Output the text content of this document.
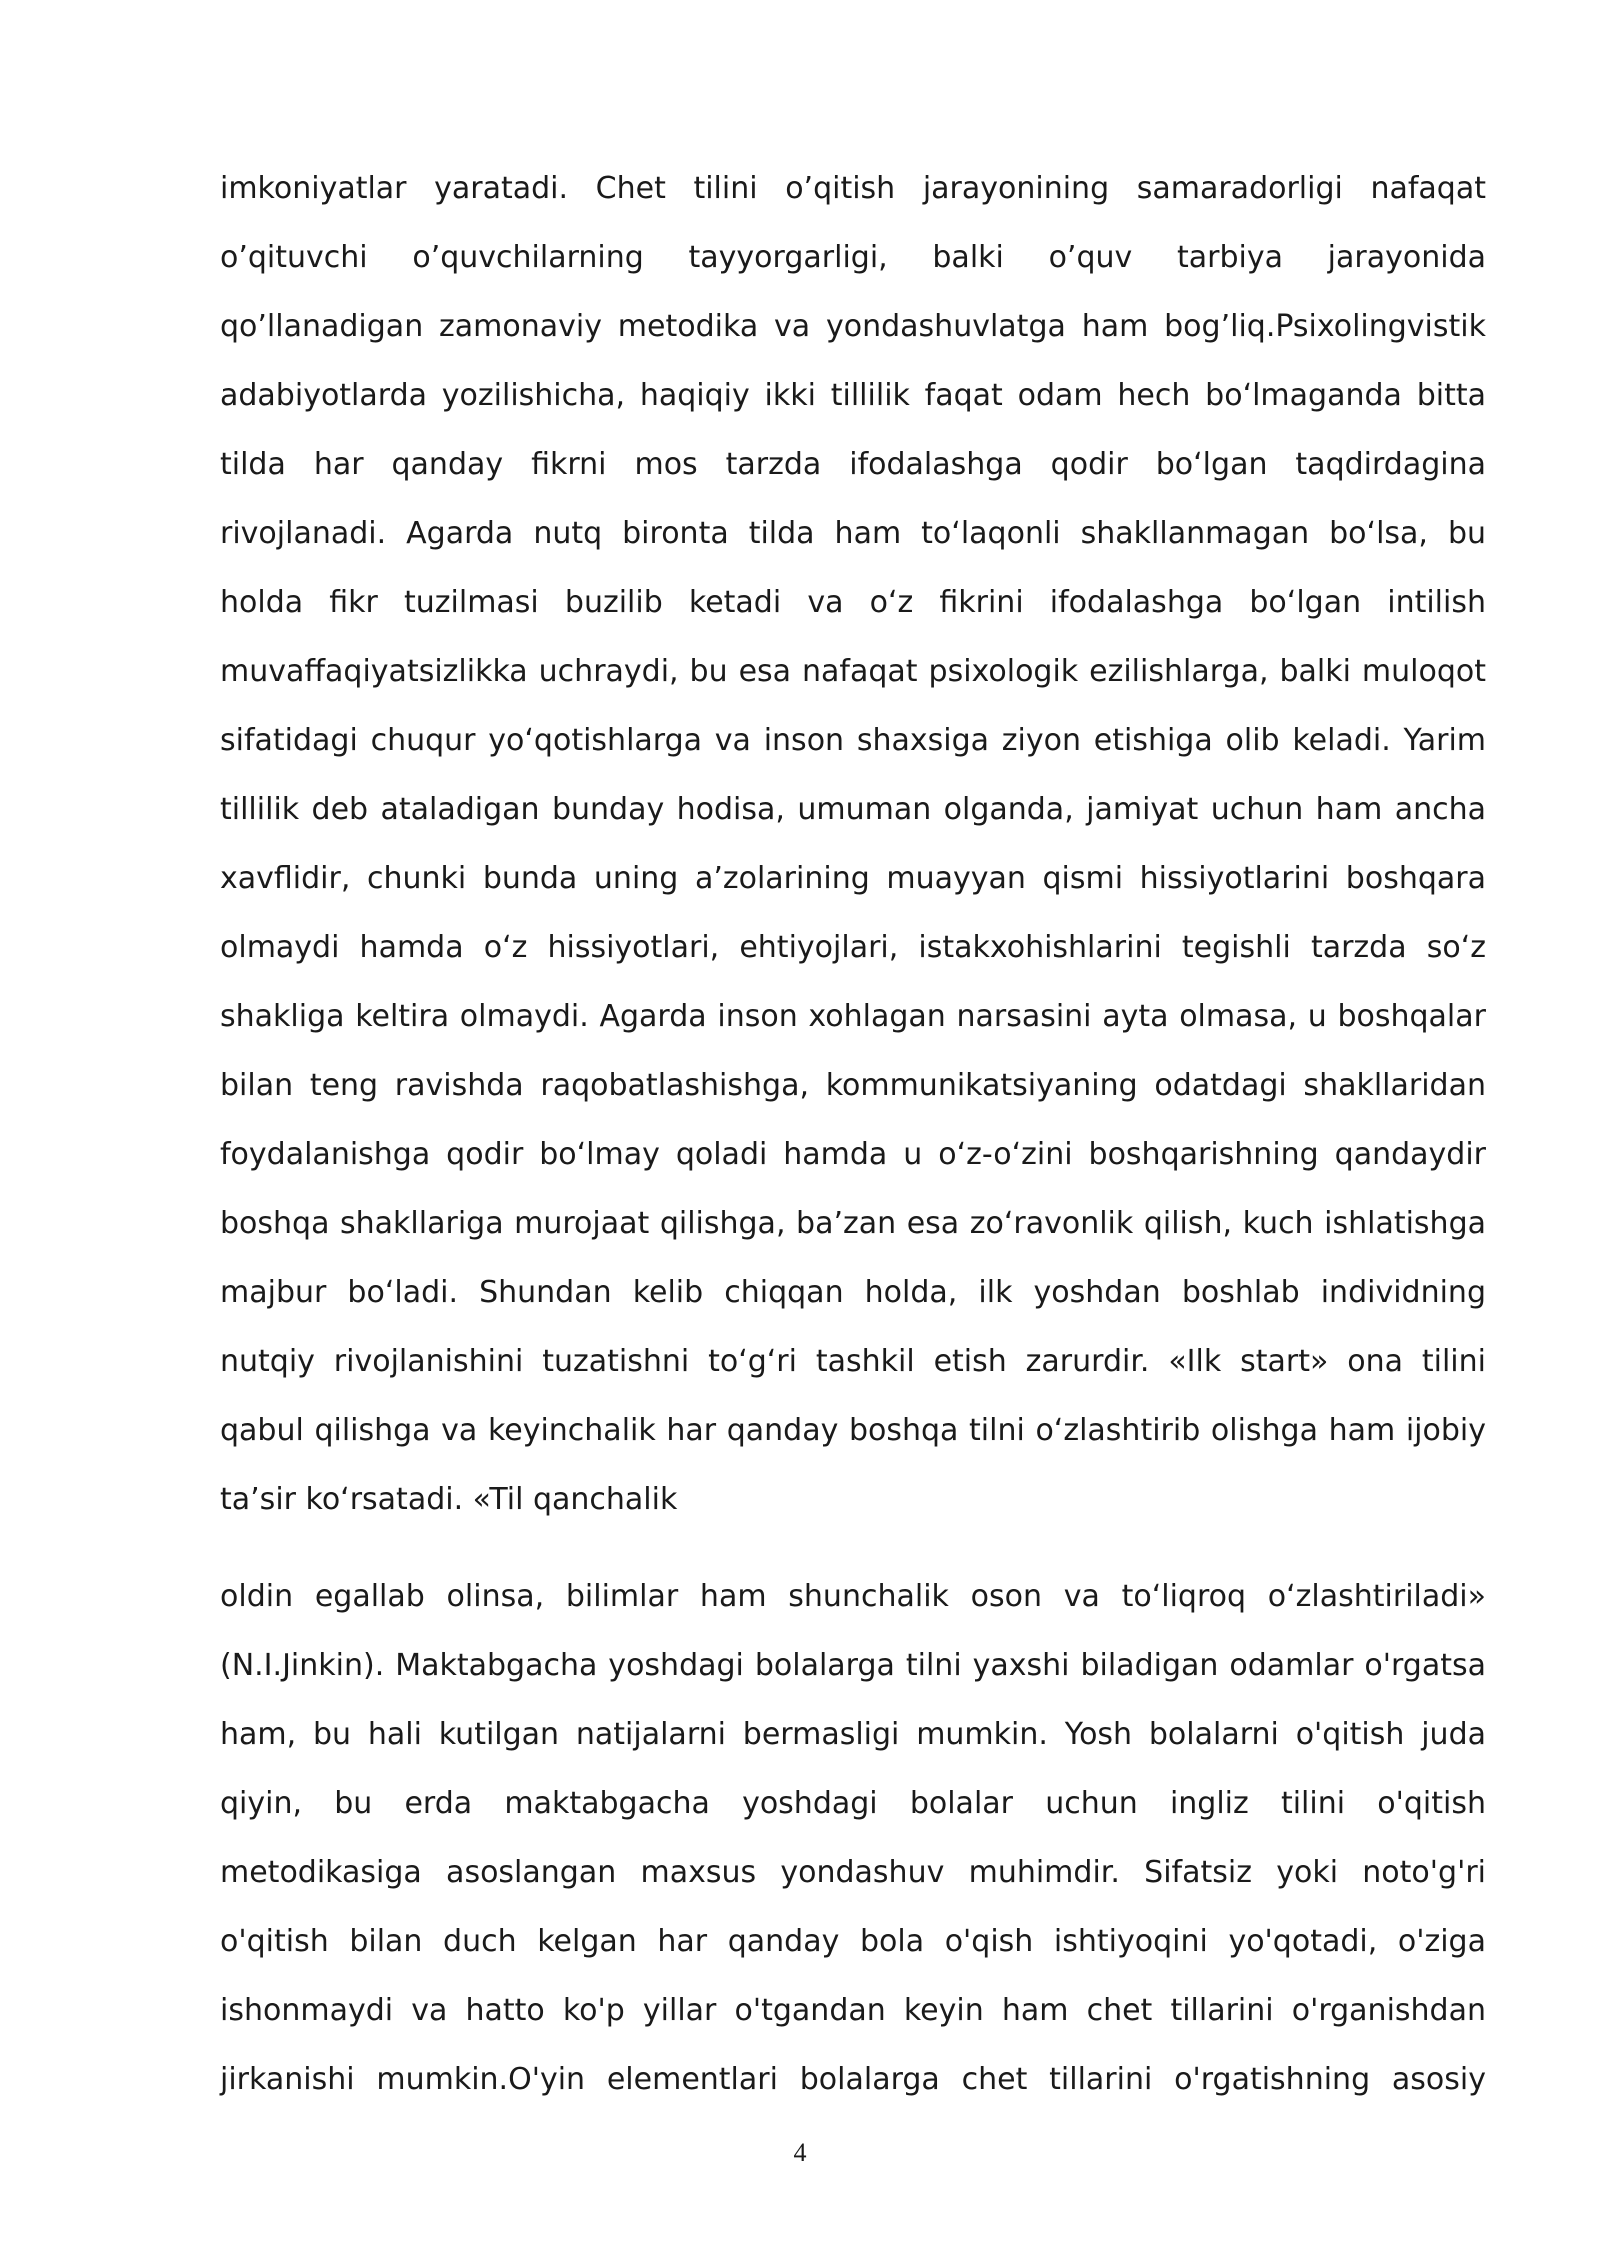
imkoniyatlar yaratadi. Chet tilini o’qitish jarayonining samaradorligi nafaqat
o’qituvchi o’quvchilarning tayyorgarligi, balki o’quv tarbiya jarayonida
qo’llanadigan zamonaviy metodika va yondashuvlatga ham bog’liq.Psixolingvistik
adabiyotlarda yozilishicha, haqiqiy ikki tillilik faqat odam hech boʻlmaganda bitta
tilda har qanday fikrni mos tarzda ifodalashga qodir boʻlgan taqdirdagina
rivojlanadi. Agarda nutq bironta tilda ham toʻlaqonli shakllanmagan boʻlsa, bu
holda fikr tuzilmasi buzilib ketadi va oʻz fikrini ifodalashga boʻlgan intilish
muvaffaqiyatsizlikka uchraydi, bu esa nafaqat psixologik ezilishlarga, balki muloqot
sifatidagi chuqur yoʻqotishlarga va inson shaxsiga ziyon etishiga olib keladi. Yarim
tillilik deb ataladigan bunday hodisa, umuman olganda, jamiyat uchun ham ancha
xavflidir, chunki bunda uning a’zolarining muayyan qismi hissiyotlarini boshqara
olmaydi hamda oʻz hissiyotlari, ehtiyojlari, istakxohishlarini tegishli tarzda soʻz
shakliga keltira olmaydi. Agarda inson xohlagan narsasini ayta olmasa, u boshqalar
bilan teng ravishda raqobatlashishga, kommunikatsiyaning odatdagi shakllaridan
foydalanishga qodir boʻlmay qoladi hamda u oʻz-oʻzini boshqarishning qandaydir
boshqa shakllariga murojaat qilishga, ba’zan esa zoʻravonlik qilish, kuch ishlatishga
majbur boʻladi. Shundan kelib chiqqan holda, ilk yoshdan boshlab individning
nutqiy rivojlanishini tuzatishni toʻgʻri tashkil etish zarurdir. «Ilk start» ona tilini
qabul qilishga va keyinchalik har qanday boshqa tilni oʻzlashtirib olishga ham ijobiy
ta’sir koʻrsatadi. «Til qanchalik
oldin egallab olinsa, bilimlar ham shunchalik oson va toʻliqroq oʻzlashtiriladi»
(N.I.Jinkin). Maktabgacha yoshdagi bolalarga tilni yaxshi biladigan odamlar o'rgatsa
ham, bu hali kutilgan natijalarni bermasligi mumkin. Yosh bolalarni o'qitish juda
qiyin, bu erda maktabgacha yoshdagi bolalar uchun ingliz tilini o'qitish
metodikasiga asoslangan maxsus yondashuv muhimdir. Sifatsiz yoki noto'g'ri
o'qitish bilan duch kelgan har qanday bola o'qish ishtiyoqini yo'qotadi, o'ziga
ishonmaydi va hatto ko'p yillar o'tgandan keyin ham chet tillarini o'rganishdan
jirkanishi mumkin.O'yin elementlari bolalarga chet tillarini o'rgatishning asosiy
4
